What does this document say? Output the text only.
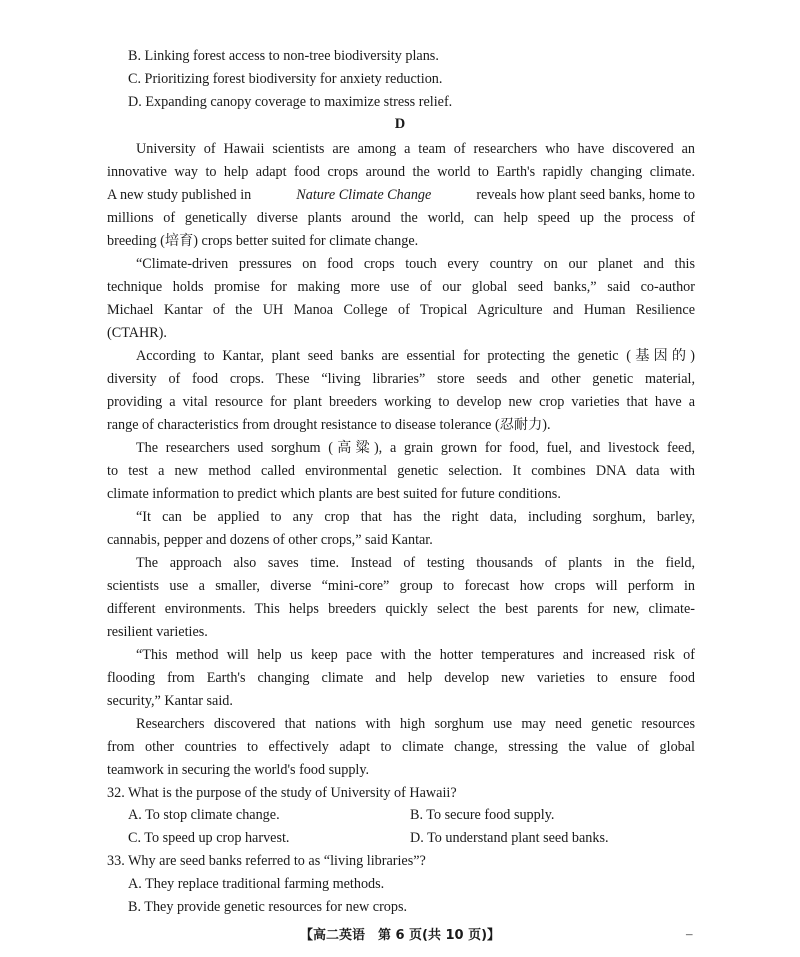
B. Linking forest access to non-tree biodiversity plans.
C. Prioritizing forest biodiversity for anxiety reduction.
D. Expanding canopy coverage to maximize stress relief.
D
University of Hawaii scientists are among a team of researchers who have discovered an
innovative way to help adapt food crops around the world to Earth's rapidly changing climate.
A new study published in	Nature Climate Change	reveals how plant seed banks, home to
millions of genetically diverse plants around the world, can help speed up the process of
breeding (培育) crops better suited for climate change.
“Climate-driven pressures on food crops touch every country on our planet and this
technique holds promise for making more use of our global seed banks,” said co-author
Michael Kantar of the UH Manoa College of Tropical Agriculture and Human Resilience
(CTAHR).
According to Kantar, plant seed banks are essential for protecting the genetic (基因的)
diversity of food crops. These “living libraries” store seeds and other genetic material,
providing a vital resource for plant breeders working to develop new crop varieties that have a
range of characteristics from drought resistance to disease tolerance (忍耐力).
The researchers used sorghum (高粱), a grain grown for food, fuel, and livestock feed,
to test a new method called environmental genetic selection. It combines DNA data with
climate information to predict which plants are best suited for future conditions.
“It can be applied to any crop that has the right data, including sorghum, barley,
cannabis, pepper and dozens of other crops,” said Kantar.
The approach also saves time. Instead of testing thousands of plants in the field,
scientists use a smaller, diverse “mini-core” group to forecast how crops will perform in
different environments. This helps breeders quickly select the best parents for new, climate-
resilient varieties.
“This method will help us keep pace with the hotter temperatures and increased risk of
flooding from Earth's changing climate and help develop new varieties to ensure food
security,” Kantar said.
Researchers discovered that nations with high sorghum use may need genetic resources
from other countries to effectively adapt to climate change, stressing the value of global
teamwork in securing the world's food supply.
32. What is the purpose of the study of University of Hawaii?
A. To stop climate change.	B. To secure food supply.
C. To speed up crop harvest.	D. To understand plant seed banks.
33. Why are seed banks referred to as “living libraries”?
A. They replace traditional farming methods.
B. They provide genetic resources for new crops.
【高二英语　第 6 页(共 10 页)】	–
